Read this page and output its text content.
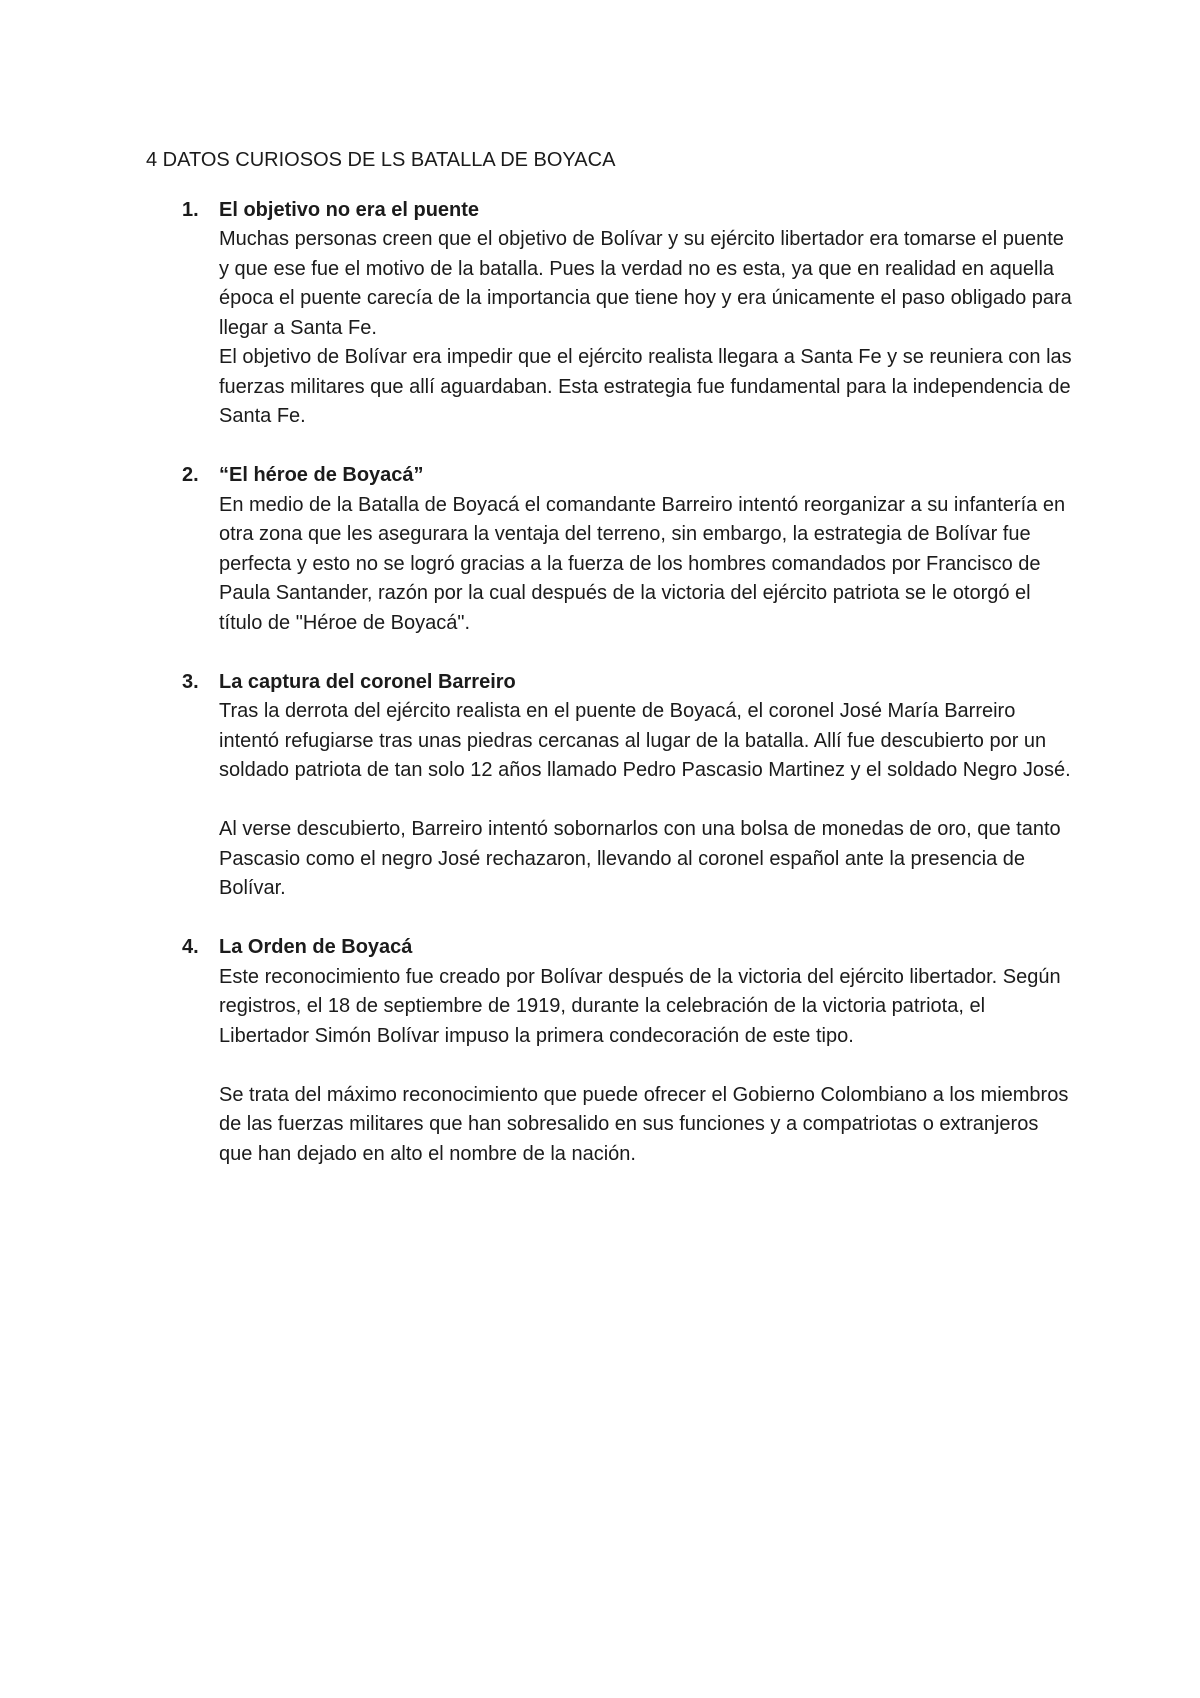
4 DATOS CURIOSOS DE LS BATALLA DE BOYACA
1. El objetivo no era el puente

Muchas personas creen que el objetivo de Bolívar y su ejército libertador era tomarse el puente y que ese fue el motivo de la batalla. Pues la verdad no es esta, ya que en realidad en aquella época el puente carecía de la importancia que tiene hoy y era únicamente el paso obligado para llegar a Santa Fe.

El objetivo de Bolívar era impedir que el ejército realista llegara a Santa Fe y se reuniera con las fuerzas militares que allí aguardaban. Esta estrategia fue fundamental para la independencia de Santa Fe.

2. “El héroe de Boyacá”

En medio de la Batalla de Boyacá el comandante Barreiro intentó reorganizar a su infantería en otra zona que les asegurara la ventaja del terreno, sin embargo, la estrategia de Bolívar fue perfecta y esto no se logró gracias a la fuerza de los hombres comandados por Francisco de Paula Santander, razón por la cual después de la victoria del ejército patriota se le otorgó el título de "Héroe de Boyacá".

3. La captura del coronel Barreiro

Tras la derrota del ejército realista en el puente de Boyacá, el coronel José María Barreiro intentó refugiarse tras unas piedras cercanas al lugar de la batalla. Allí fue descubierto por un soldado patriota de tan solo 12 años llamado Pedro Pascasio Martinez y el soldado Negro José.

Al verse descubierto, Barreiro intentó sobornarlos con una bolsa de monedas de oro, que tanto Pascasio como el negro José rechazaron, llevando al coronel español ante la presencia de Bolívar.

4. La Orden de Boyacá

Este reconocimiento fue creado por Bolívar después de la victoria del ejército libertador. Según registros, el 18 de septiembre de 1919, durante la celebración de la victoria patriota, el Libertador Simón Bolívar impuso la primera condecoración de este tipo.

Se trata del máximo reconocimiento que puede ofrecer el Gobierno Colombiano a los miembros de las fuerzas militares que han sobresalido en sus funciones y a compatriotas o extranjeros que han dejado en alto el nombre de la nación.
